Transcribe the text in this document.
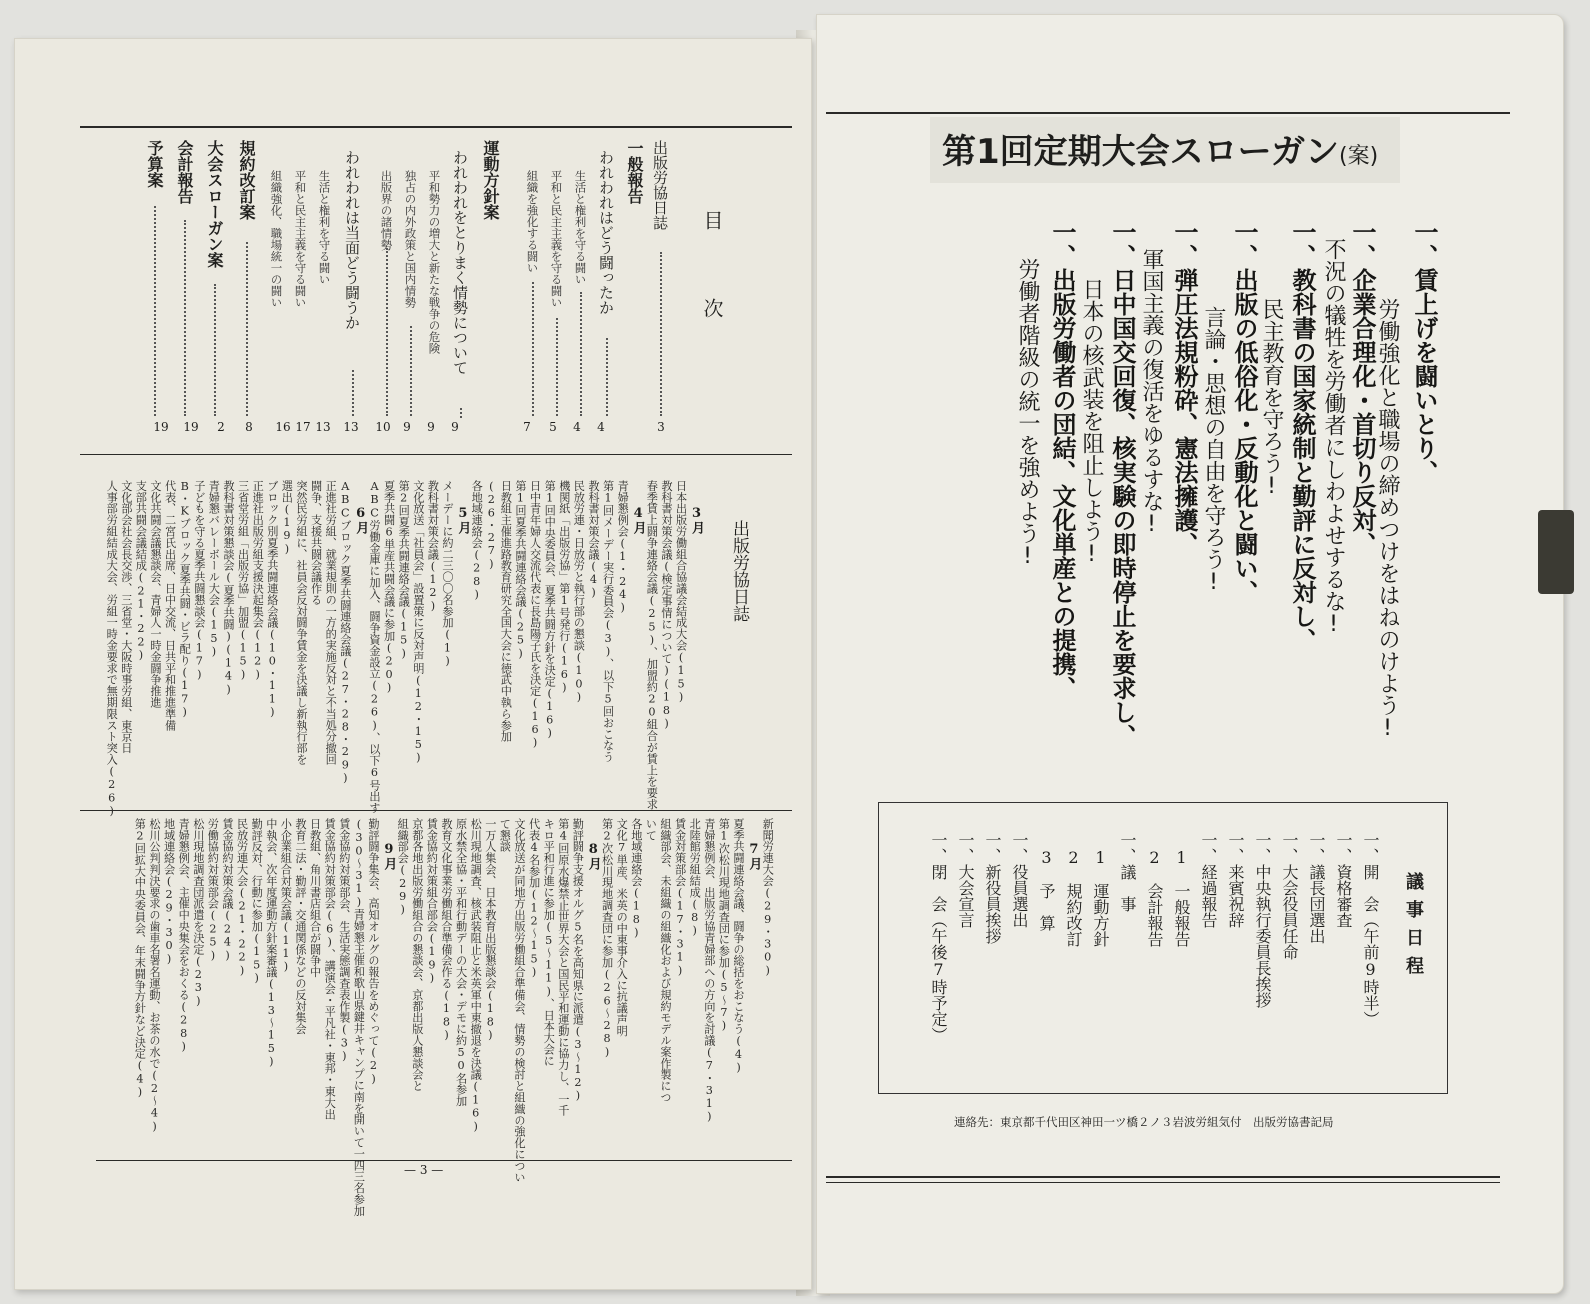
目　次
出版労協日誌
3
一般報告
われわれはどう闘ったか
4
生活と権利を守る闘い
4
平和と民主主義を守る闘い
5
組織を強化する闘い
7
運動方針案
われわれをとりまく情勢について
9
平和勢力の増大と新たな戦争の危険
9
独占の内外政策と国内情勢
9
出版界の諸情勢
10
われわれは当面どう闘うか
13
生活と権利を守る闘い
13
平和と民主主義を守る闘い
16
組織強化、職場統一の闘い
17
規約改訂案
8
大会スローガン案
2
会計報告
19
予算案
19
出版労協日誌
3月
日本出版労働組合協議会結成大会(15)
教科書対策会議(検定事情について)(18)
春季賃上闘争連絡会議(25)、加盟約20組合が賃上を要求
4月
青婦懇例会(1・24)
第1回メーデー実行委員会(3)、以下5回おこなう
教科書対策会議(4)
民放労連・日放労と執行部の懇談(10)
機関紙「出版労協」第1号発行(16)
第1回中央委員会、夏季共闘方針を決定(16)
日中青年婦人交流代表に長島陽子氏を決定(16)
第1回夏季共闘連絡会議(25)
日教組主催進路教育研究全国大会に徳武中執ら参加
(26・27)
各地域連絡会(28)
5月
メーデーに約二三〇〇名参加(1)
教科書対策会議(12)
文化放送「社員会」設置策に反対声明(12・15)
第2回夏季共闘連絡会議(15)
夏季共闘6単産共闘会議に参加(20)
ABC労働金庫に加入、闘争資金設立(26)、以下6号出す
6月
ABCブロック夏季共闘連絡会議(27・28・29)
正進社労組、就業規則の一方的実施反対と不当処分撤回
闘争、支援共闘会議作る
突然民労組に、社員会反対闘争賃金を決議し新執行部を
選出(19)
ブロック別夏季共闘連絡会議(10・11)
正進社出版労組支援決起集会(12)
三省堂労組「出版労協」加盟(15)
教科書対策懇談会(夏季共闘)(14)
青婦懇バレーボール大会(15)
子どもを守る夏季共闘懇談会(17)
B・Kブロック夏季共闘・ビラ配り(17)
代表、二宮氏出席、日中交流、日共平和推進準備
文化共闘会議懇談会、青婦人一時金闘争推進
支部共闘会議結成(21・22)
文化部会社会長交渉、三省堂・大阪時事労組、東京日
人事部労組結成大会、労組一時金要求で無期限スト突入(26)
新聞労連大会(29・30)
7月
夏季共闘連絡会議、闘争の総括をおこなう(4)
第1次松川現地調査団に参加(5〜7)
青婦懇例会、出版労協青婦部への方向を討議(7・31)
北陸館労組結成(8)
賃金対策部会(17・31)
組織部会、未組織の組織化および規約モデル案作製につ
いて
各地域連絡会(18)
文化7単産、米英の中東事介入に抗議声明
第2次松川現地調査団に参加(26〜28)
8月
勤評闘争支援オルグ5名を高知県に派遣(3〜12)
第4回原水爆禁止世界大会と国民平和運動に協力し、一千
キロ平和行進に参加(5〜11)、日本大会に
代表4名参加(12〜15)
文化放送が同地方出版労働組合準備会、情勢の検討と組織の強化につい
て懇談
一万人集会、日本教育出版懇談会(18)
松川現地調査、核武装阻止と米英軍中東撤退を決議(16)
原水禁全協・平和行動デーの大会・デモに約50名参加
教育文化事業労働組合準備会作る(18)
賃金協約対策組合部会(19)
京都各地出版労働組合の懇談会、京都出版人懇談会と
組織部会(29)
9月
勤評闘争集会、高知オルグの報告をめぐって(2)
(30〜31)青婦懇主催和歌山県鍵井キャンプに南を開いて一四三名参加
賃金協約対策部会、生活実態調査表作製(3)
賃金協約対策部会(6)、講演会・平凡社・東邦・東大出
日教組、角川書店組合が闘争中
教育二法・勤評・交通関係などの反対集会
小企業組合対策会議(11)
中執会、次年度運動方針案審議(13〜15)
勤評反対、行動に参加(15)
民放労連大会(21・22)
賃金協約対策会議(24)
労働協約対策部会(25)
松川現地調査団派遣を決定(23)
青婦懇例会、主催中央集会をおくる(28)
地域連絡会(29・30)
松川公判判決要求の歯車名署名運動、お茶の水で(2〜4)
第2回拡大中央委員会、年末闘争方針など決定(4)
— 3 —
第1回定期大会スローガン(案)
一、賃上げを闘いとり、
労働強化と職場の締めつけをはねのけよう!
一、企業合理化・首切り反対、
不況の犠牲を労働者にしわよせするな!
一、教科書の国家統制と勤評に反対し、
民主教育を守ろう!
一、出版の低俗化・反動化と闘い、
言論・思想の自由を守ろう!
一、弾圧法規粉砕、憲法擁護、
軍国主義の復活をゆるすな!
一、日中国交回復、核実験の即時停止を要求し、
日本の核武装を阻止しよう!
一、出版労働者の団結、文化単産との提携、
労働者階級の統一を強めよう!
議事日程
一、開　会（午前9時半）
一、資格審査
一、議長団選出
一、大会役員任命
一、中央執行委員長挨拶
一、来賓祝辞
一、経過報告
　1　一般報告
　2　会計報告
一、議　事
　1　運動方針
　2　規約改訂
　3　予　算
一、役員選出
一、新役員挨拶
一、大会宣言
一、閉　会（午後7時予定）
連絡先：東京都千代田区神田一ツ橋２ノ３岩波労組気付　出版労協書記局
